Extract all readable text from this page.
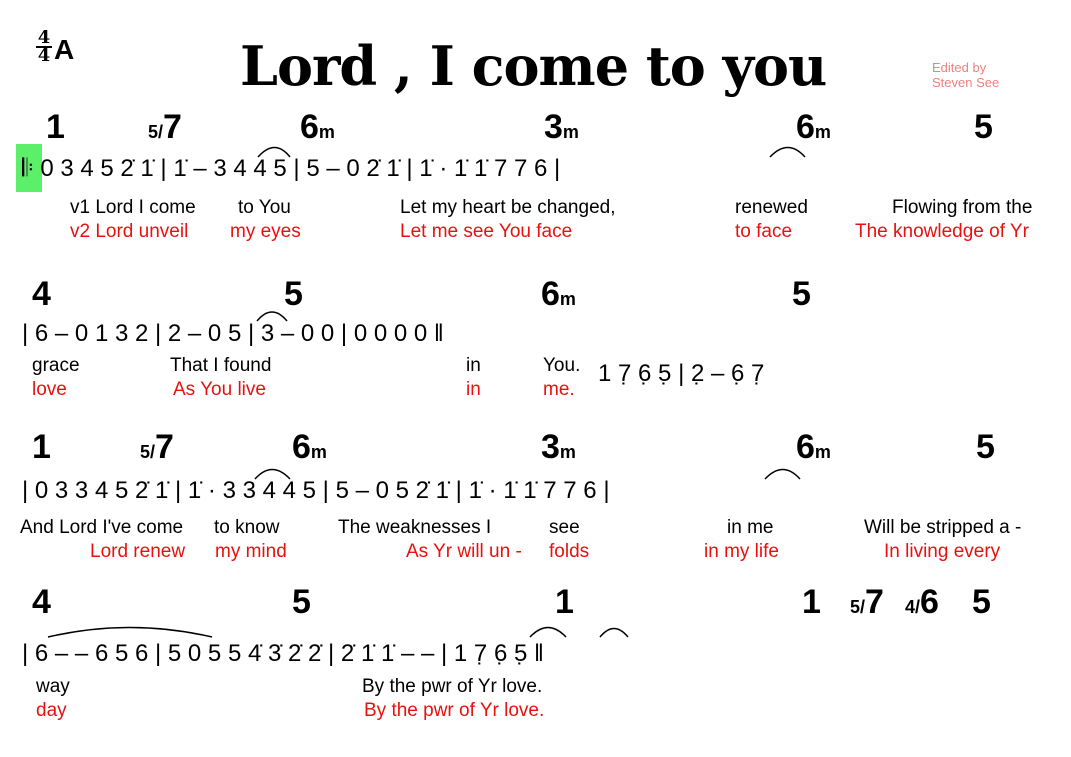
4
4 A	Lord , I come to you	Edited by
Steven See
1	5/7	6m	3m	6m	5
𝄆 0 3 4 5 2̇ 1̇ | 1̇ – 3 4 4 5 | 5 – 0 2̇ 1̇ | 1̇ · 1̇ 1̇ 7 7 6 |
v1 Lord I come to You	Let my heart be changed,	renewed	Flowing from the
v2 Lord unveil my eyes	Let me see You face	to face	The knowledge of Yr
4	5	6m	5
| 6 – 0 1 3 2 | 2 – 0 5 | 3 – 0 0 | 0 0 0 0 ‖
1 7̣ 6̣ 5̣ | 2̣ – 6̣ 7̣
grace	That I found	in	You.
love	As You live	in	me.
1	5/7	6m	3m	6m	5
| 0 3 3 4 5 2̇ 1̇ | 1̇ · 3 3 4 4 5 | 5 – 0 5 2̇ 1̇ | 1̇ · 1̇ 1̇ 7 7 6 |
And Lord I've come to know	The weaknesses I	see	in me	Will be stripped a -
Lord renew my mind	As Yr will un - folds	in my life	In living every
4	5	1	1 5/7 4/6 5
| 6 – – 6 5 6 | 5 0 5 5 4̇ 3̇ 2̇ 2̇ | 2̇ 1̇ 1̇ – – | 1 7̣ 6̣ 5̣ ‖
way	By the pwr of Yr love.
day	By the pwr of Yr love.
